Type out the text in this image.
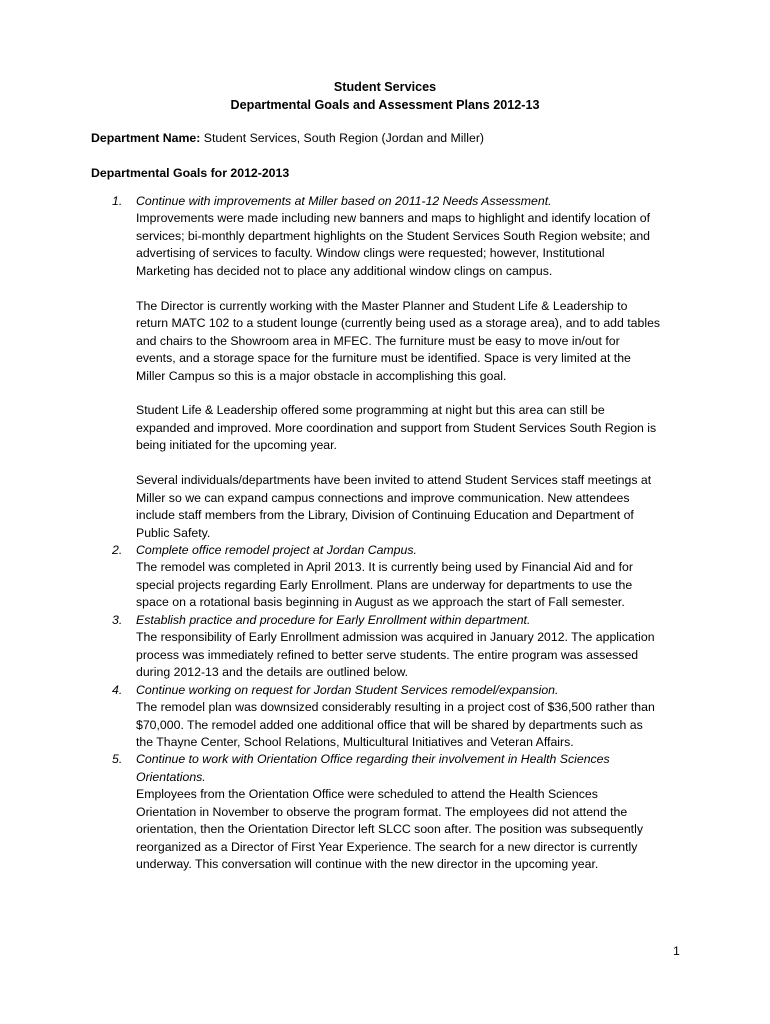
Student Services
Departmental Goals and Assessment Plans 2012-13
Department Name: Student Services, South Region (Jordan and Miller)
Departmental Goals for 2012-2013
1. Continue with improvements at Miller based on 2011-12 Needs Assessment.
Improvements were made including new banners and maps to highlight and identify location of
services; bi-monthly department highlights on the Student Services South Region website; and
advertising of services to faculty. Window clings were requested; however, Institutional
Marketing has decided not to place any additional window clings on campus.
The Director is currently working with the Master Planner and Student Life & Leadership to
return MATC 102 to a student lounge (currently being used as a storage area), and to add tables
and chairs to the Showroom area in MFEC. The furniture must be easy to move in/out for
events, and a storage space for the furniture must be identified. Space is very limited at the
Miller Campus so this is a major obstacle in accomplishing this goal.
Student Life & Leadership offered some programming at night but this area can still be
expanded and improved. More coordination and support from Student Services South Region is
being initiated for the upcoming year.
Several individuals/departments have been invited to attend Student Services staff meetings at
Miller so we can expand campus connections and improve communication. New attendees
include staff members from the Library, Division of Continuing Education and Department of
Public Safety.
2. Complete office remodel project at Jordan Campus.
The remodel was completed in April 2013. It is currently being used by Financial Aid and for
special projects regarding Early Enrollment. Plans are underway for departments to use the
space on a rotational basis beginning in August as we approach the start of Fall semester.
3. Establish practice and procedure for Early Enrollment within department.
The responsibility of Early Enrollment admission was acquired in January 2012. The application
process was immediately refined to better serve students. The entire program was assessed
during 2012-13 and the details are outlined below.
4. Continue working on request for Jordan Student Services remodel/expansion.
The remodel plan was downsized considerably resulting in a project cost of $36,500 rather than
$70,000. The remodel added one additional office that will be shared by departments such as
the Thayne Center, School Relations, Multicultural Initiatives and Veteran Affairs.
5. Continue to work with Orientation Office regarding their involvement in Health Sciences
Orientations.
Employees from the Orientation Office were scheduled to attend the Health Sciences
Orientation in November to observe the program format. The employees did not attend the
orientation, then the Orientation Director left SLCC soon after. The position was subsequently
reorganized as a Director of First Year Experience. The search for a new director is currently
underway. This conversation will continue with the new director in the upcoming year.
1
